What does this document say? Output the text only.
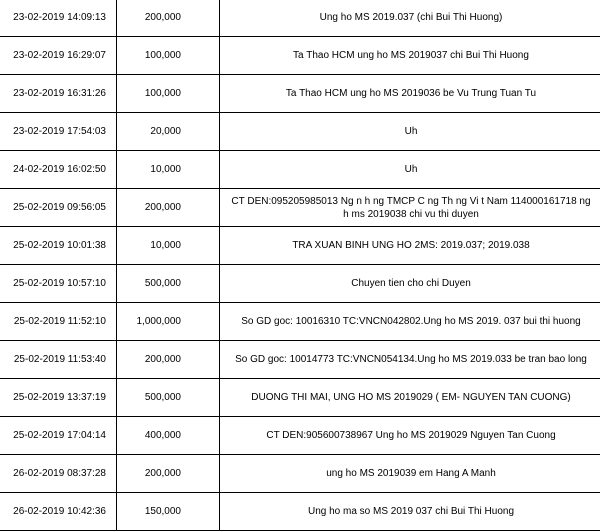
23-02-2019 14:09:13	200,000	Ung ho MS 2019.037 (chi Bui Thi Huong)
23-02-2019 16:29:07	100,000	Ta Thao HCM ung ho MS 2019037 chi Bui Thi Huong
23-02-2019 16:31:26	100,000	Ta Thao HCM ung ho MS 2019036 be Vu Trung Tuan Tu
23-02-2019 17:54:03	20,000	Uh
24-02-2019 16:02:50	10,000	Uh
25-02-2019 09:56:05	200,000	CT DEN:095205985013 Ng n h ng TMCP C ng Th ng Vi t Nam 114000161718 ng h ms 2019038 chi vu thi duyen
25-02-2019 10:01:38	10,000	TRA XUAN BINH UNG HO 2MS: 2019.037; 2019.038
25-02-2019 10:57:10	500,000	Chuyen tien cho chi Duyen
25-02-2019 11:52:10	1,000,000	So GD goc: 10016310 TC:VNCN042802.Ung ho MS 2019. 037 bui thi huong
25-02-2019 11:53:40	200,000	So GD goc: 10014773 TC:VNCN054134.Ung ho MS 2019.033 be tran bao long
25-02-2019 13:37:19	500,000	DUONG THI MAI, UNG HO MS 2019029 ( EM- NGUYEN TAN CUONG)
25-02-2019 17:04:14	400,000	CT DEN:905600738967 Ung ho MS 2019029 Nguyen Tan Cuong
26-02-2019 08:37:28	200,000	ung ho MS 2019039 em Hang A Manh
26-02-2019 10:42:36	150,000	Ung ho ma so MS 2019 037 chi Bui Thi Huong
